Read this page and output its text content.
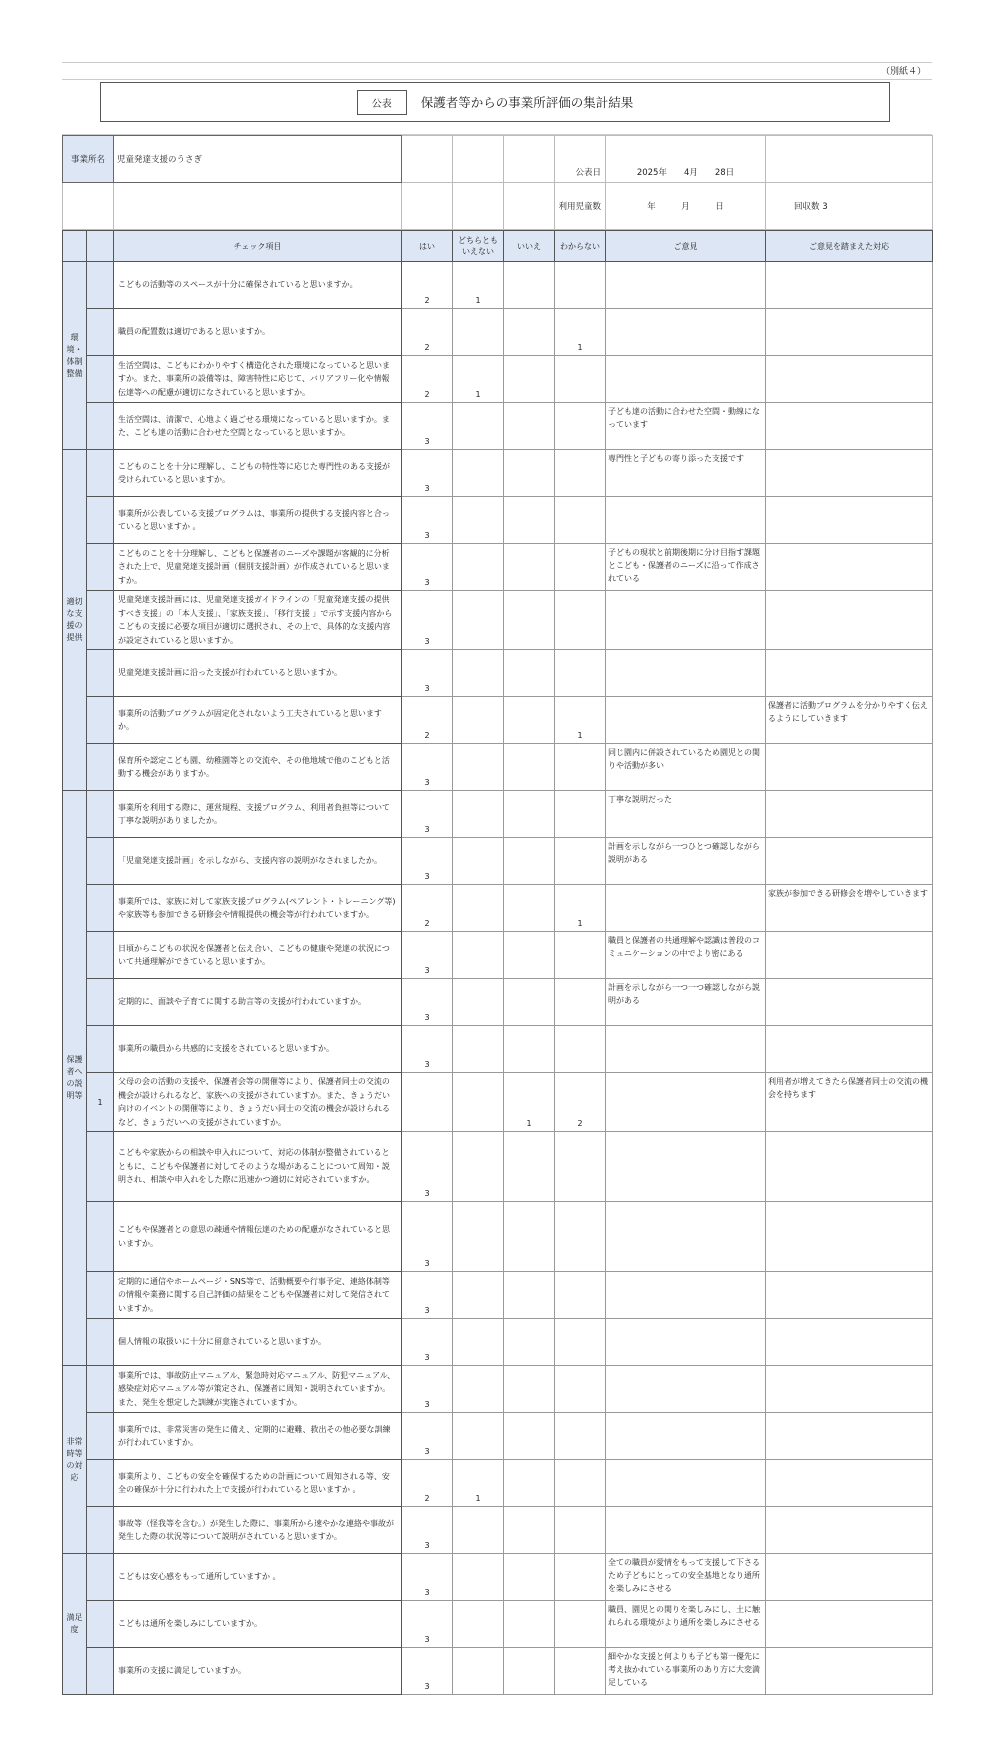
（別紙４）
公表	保護者等からの事業所評価の集計結果
事業所名	児童発達支援のうさぎ				公表日	2025年　　4月　　28日	
					利用児童数	年　　　月　　　日	回収数 3
		チェック項目	はい	どちらとも いえない	いいえ	わからない	ご意見	ご意見を踏まえた対応
環境・体制整備		こどもの活動等のスペースが十分に確保されていると思いますか。	2	1				
		職員の配置数は適切であると思いますか。	2			1		
		生活空間は、こどもにわかりやすく構造化された環境になっていると思いますか。また、事業所の設備等は、障害特性に応じて、バリアフリー化や情報伝達等への配慮が適切になされていると思いますか。	2	1				
		生活空間は、清潔で、心地よく過ごせる環境になっていると思いますか。また、こども達の活動に合わせた空間となっていると思いますか。	3				子ども達の活動に合わせた空間・動線になっています	
適切な支援の提供		こどものことを十分に理解し、こどもの特性等に応じた専門性のある支援が受けられていると思いますか。	3				専門性と子どもの寄り添った支援です	
		事業所が公表している支援プログラムは、事業所の提供する支援内容と合っていると思いますか 。	3					
		こどものことを十分理解し、こどもと保護者のニーズや課題が客観的に分析された上で、児童発達支援計画（個別支援計画）が作成されていると思いますか。	3				子どもの現状と前期後期に分け目指す課題とこども・保護者のニーズに沿って作成されている	
		児童発達支援計画には、児童発達支援ガイドラインの「児童発達支援の提供すべき支援」の「本人支援」、「家族支援」、「移行支援 」で示す支援内容からこどもの支援に必要な項目が適切に選択され、その上で、具体的な支援内容が設定されていると思いますか。	3					
		児童発達支援計画に沿った支援が行われていると思いますか。	3					
		事業所の活動プログラムが固定化されないよう工夫されていると思いますか。	2			1		保護者に活動プログラムを分かりやすく伝えるようにしていきます
		保育所や認定こども園、幼稚園等との交流や、その他地域で他のこどもと活動する機会がありますか。	3				同じ園内に併設されているため園児との関りや活動が多い	
保護者への説明等		事業所を利用する際に、運営規程、支援プログラム、利用者負担等について丁寧な説明がありましたか。	3				丁寧な説明だった	
		「児童発達支援計画」を示しながら、支援内容の説明がなされましたか。	3				計画を示しながら一つひとつ確認しながら説明がある	
		事業所では、家族に対して家族支援プログラム(ペアレント・トレーニング等)や家族等も参加できる研修会や情報提供の機会等が行われていますか。	2			1		家族が参加できる研修会を増やしていきます
		日頃からこどもの状況を保護者と伝え合い、こどもの健康や発達の状況について共通理解ができていると思いますか。	3				職員と保護者の共通理解や認識は普段のコミュニケーションの中でより密にある	
		定期的に、面談や子育てに関する助言等の支援が行われていますか。	3				計画を示しながら一つ一つ確認しながら説明がある	
		事業所の職員から共感的に支援をされていると思いますか。	3					
	1	父母の会の活動の支援や、保護者会等の開催等により、保護者同士の交流の機会が設けられるなど、家族への支援がされていますか。また、きょうだい向けのイベントの開催等により、きょうだい同士の交流の機会が設けられるなど、きょうだいへの支援がされていますか。			1	2		利用者が増えてきたら保護者同士の交流の機会を持ちます
		こどもや家族からの相談や申入れについて、対応の体制が整備されているとともに、こどもや保護者に対してそのような場があることについて周知・説明され、相談や申入れをした際に迅速かつ適切に対応されていますか。	3					
		こどもや保護者との意思の疎通や情報伝達のための配慮がなされていると思いますか。	3					
		定期的に通信やホームページ・SNS等で、活動概要や行事予定、連絡体制等の情報や業務に関する自己評価の結果をこどもや保護者に対して発信されていますか。	3					
		個人情報の取扱いに十分に留意されていると思いますか。	3					
非常時等の対応		事業所では、事故防止マニュアル、緊急時対応マニュアル、防犯マニュアル、感染症対応マニュアル等が策定され、保護者に周知・説明されていますか。また、発生を想定した訓練が実施されていますか。	3					
		事業所では、非常災害の発生に備え、定期的に避難、救出その他必要な訓練が行われていますか。	3					
		事業所より、こどもの安全を確保するための計画について周知される等、安全の確保が十分に行われた上で支援が行われていると思いますか 。	2	1				
		事故等（怪我等を含む。）が発生した際に、事業所から速やかな連絡や事故が発生した際の状況等について説明がされていると思いますか。	3					
満足度		こどもは安心感をもって通所していますか 。	3				全ての職員が愛情をもって支援して下さるため子どもにとっての安全基地となり通所を楽しみにさせる	
		こどもは通所を楽しみにしていますか。	3				職員、園児との関りを楽しみにし、土に触れられる環境がより通所を楽しみにさせる	
		事業所の支援に満足していますか。	3				細やかな支援と何よりも子ども第一優先に考え抜かれている事業所のあり方に大変満足している	
